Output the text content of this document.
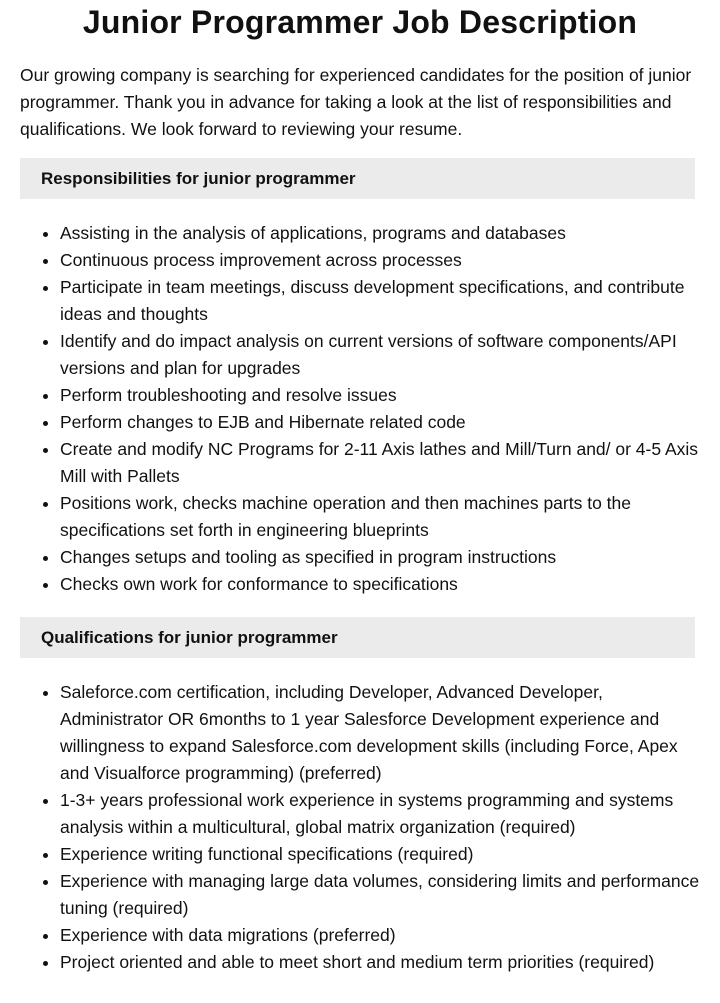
Junior Programmer Job Description

Our growing company is searching for experienced candidates for the position of junior programmer. Thank you in advance for taking a look at the list of responsibilities and qualifications. We look forward to reviewing your resume.

Responsibilities for junior programmer
• Assisting in the analysis of applications, programs and databases
• Continuous process improvement across processes
• Participate in team meetings, discuss development specifications, and contribute ideas and thoughts
• Identify and do impact analysis on current versions of software components/API versions and plan for upgrades
• Perform troubleshooting and resolve issues
• Perform changes to EJB and Hibernate related code
• Create and modify NC Programs for 2-11 Axis lathes and Mill/Turn and/ or 4-5 Axis Mill with Pallets
• Positions work, checks machine operation and then machines parts to the specifications set forth in engineering blueprints
• Changes setups and tooling as specified in program instructions
• Checks own work for conformance to specifications
Qualifications for junior programmer
• Saleforce.com certification, including Developer, Advanced Developer, Administrator OR 6months to 1 year Salesforce Development experience and willingness to expand Salesforce.com development skills (including Force, Apex and Visualforce programming) (preferred)
• 1-3+ years professional work experience in systems programming and systems analysis within a multicultural, global matrix organization (required)
• Experience writing functional specifications (required)
• Experience with managing large data volumes, considering limits and performance tuning (required)
• Experience with data migrations (preferred)
• Project oriented and able to meet short and medium term priorities (required)
